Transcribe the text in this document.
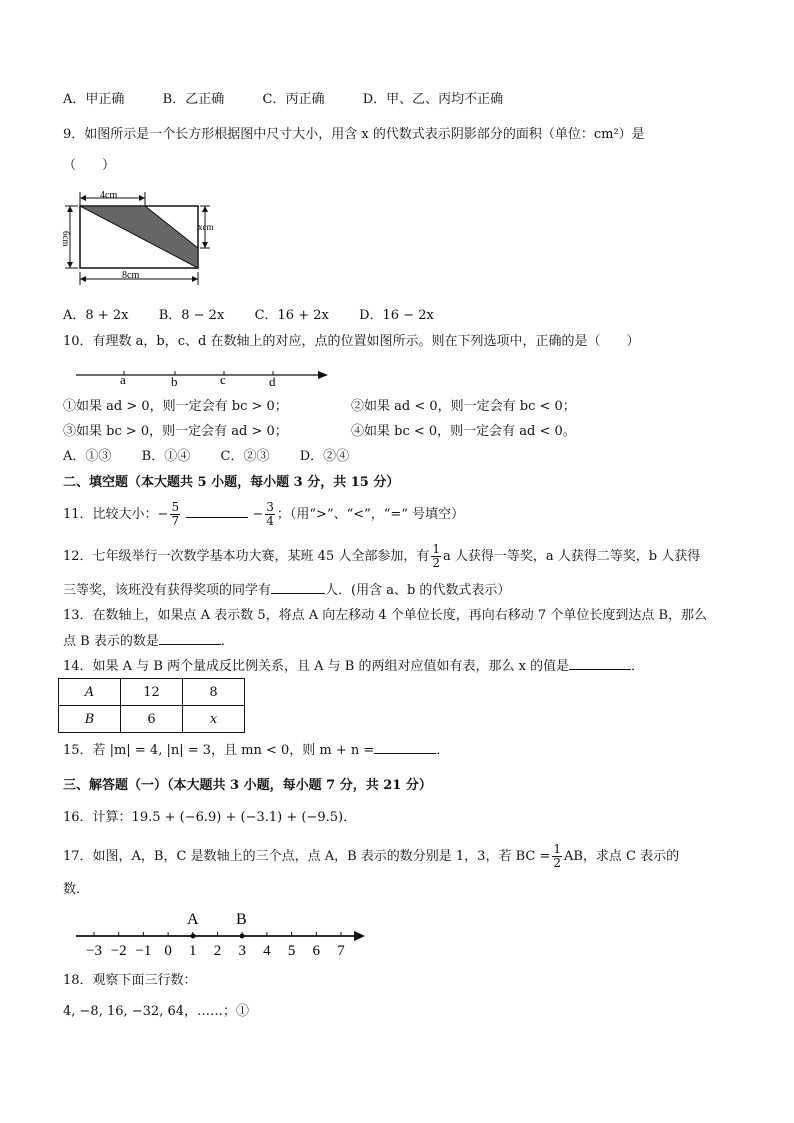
A．甲正确	B．乙正确	C．丙正确	D．甲、乙、丙均不正确
9．如图所示是一个长方形根据图中尺寸大小，用含 x 的代数式表示阴影部分的面积（单位：cm²）是
（　　）
4cm
6cm
xcm
8cm
A．8 + 2x B．8 − 2x C．16 + 2x D．16 − 2x
10．有理数 a，b，c、d 在数轴上的对应，点的位置如图所示。则在下列选项中，正确的是（　　）
a	b	c	d
①如果 ad > 0，则一定会有 bc > 0；	②如果 ad < 0，则一定会有 bc < 0；
③如果 bc > 0，则一定会有 ad > 0；	④如果 bc < 0，则一定会有 ad < 0。
A．①③ B．①④ C．②③ D．②④
二、填空题（本大题共 5 小题，每小题 3 分，共 15 分）
11．比较大小：− $\frac{5}{7}$	− $\frac{3}{4}$ ；（用“>”、“<”，“=” 号填空）
12．七年级举行一次数学基本功大赛，某班 45 人全部参加，有 $\frac{1}{2}$ a 人获得一等奖，a 人获得二等奖，b 人获得
三等奖，该班没有获得奖项的同学有	人．(用含 a、b 的代数式表示）
13．在数轴上，如果点 A 表示数 5，将点 A 向左移动 4 个单位长度，再向右移动 7 个单位长度到达点 B，那么
点 B 表示的数是	．
14．如果 A 与 B 两个量成反比例关系，且 A 与 B 的两组对应值如有表，那么 x 的值是	．
A	12	8
B	6	x
15．若 |m| = 4, |n| = 3，且 mn < 0，则 m + n =	．
三、解答题（一）（本大题共 3 小题，每小题 7 分，共 21 分）
16．计算：19.5 + (−6.9) + (−3.1) + (−9.5)．
17．如图，A，B，C 是数轴上的三个点，点 A，B 表示的数分别是 1，3，若 BC = $\frac{1}{2}$ AB，求点 C 表示的
数．
−3 −2 −1 0 1 2 3 4 5 6 7
A B
18．观察下面三行数：
4, −8, 16, −32, 64，……；①
